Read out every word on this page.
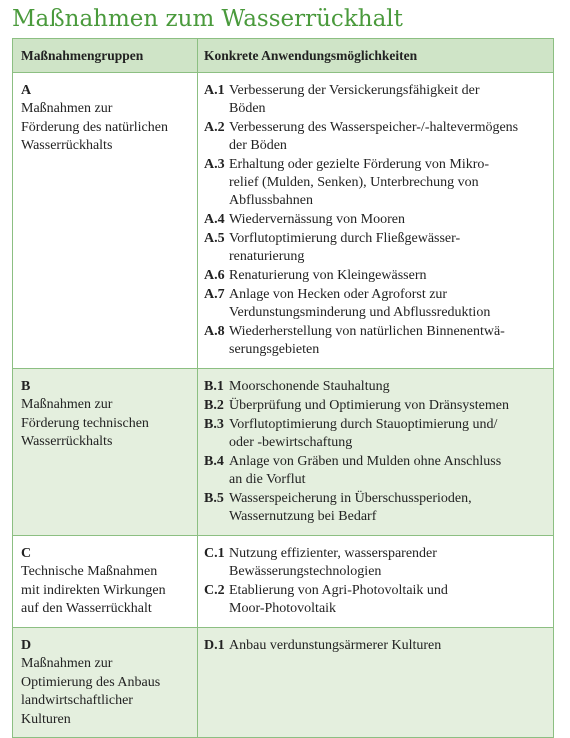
Maßnahmen zum Wasserrückhalt
Maßnahmengruppen	Konkrete Anwendungsmöglichkeiten
A
Maßnahmen zur
Förderung des natürlichen
Wasserrückhalts
A.1 Verbesserung der Versickerungsfähigkeit der
Böden
A.2 Verbesserung des Wasserspeicher-/-haltevermögens
der Böden
A.3 Erhaltung oder gezielte Förderung von Mikro-
relief (Mulden, Senken), Unterbrechung von
Abflussbahnen
A.4 Wiedervernässung von Mooren
A.5 Vorflutoptimierung durch Fließgewässer-
renaturierung
A.6 Renaturierung von Kleingewässern
A.7 Anlage von Hecken oder Agroforst zur
Verdunstungsminderung und Abflussreduktion
A.8 Wiederherstellung von natürlichen Binnenentwä-
serungsgebieten
B
Maßnahmen zur
Förderung technischen
Wasserrückhalts
B.1 Moorschonende Stauhaltung
B.2 Überprüfung und Optimierung von Dränsystemen
B.3 Vorflutoptimierung durch Stauoptimierung und/
oder -bewirtschaftung
B.4 Anlage von Gräben und Mulden ohne Anschluss
an die Vorflut
B.5 Wasserspeicherung in Überschussperioden,
Wassernutzung bei Bedarf
C
Technische Maßnahmen
mit indirekten Wirkungen
auf den Wasserrückhalt
C.1 Nutzung effizienter, wassersparender
Bewässerungstechnologien
C.2 Etablierung von Agri-Photovoltaik und
Moor-Photovoltaik
D
Maßnahmen zur
Optimierung des Anbaus
landwirtschaftlicher
Kulturen
D.1 Anbau verdunstungsärmerer Kulturen
